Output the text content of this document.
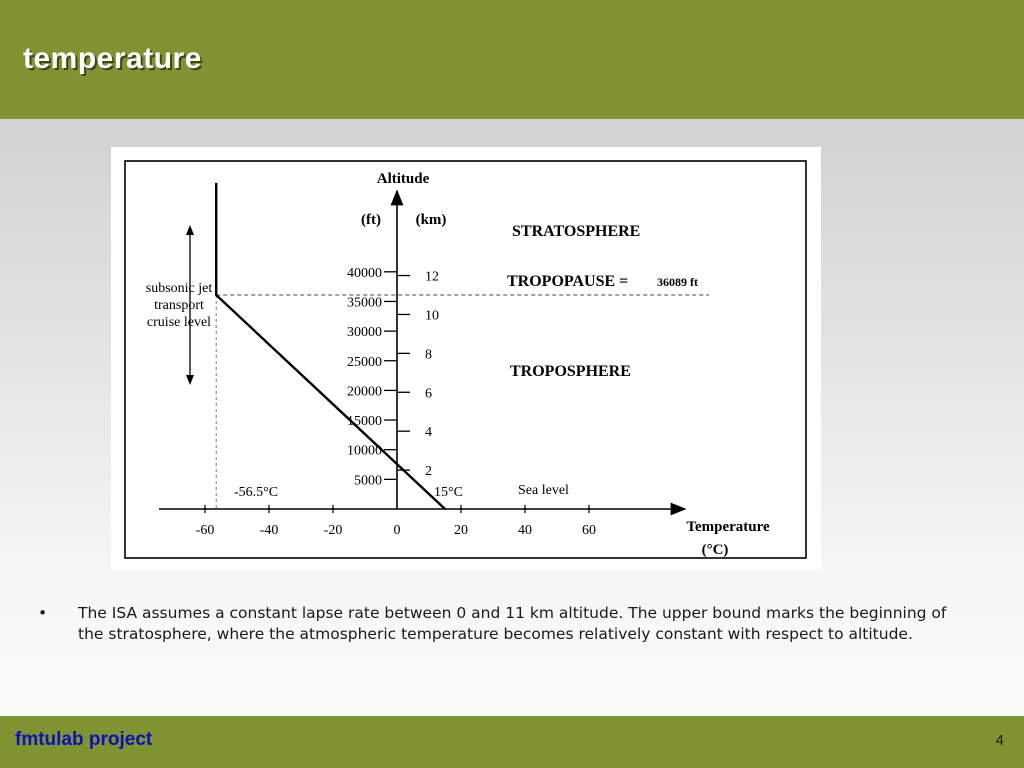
temperature
Altitude
(ft) (km)
STRATOSPHERE
TROPOPAUSE = 36089 ft
TROPOSPHERE
subsonic jet
transport
cruise level
-56.5°C	15°C	Sea level
Temperature
(°C)
-60	-40	-20	0	20	40	60
5000
10000
15000
20000
25000
30000
35000
40000
2
4
6
8
10
12
• The ISA assumes a constant lapse rate between 0 and 11 km altitude. The upper bound marks the beginning of the stratosphere, where the atmospheric temperature becomes relatively constant with respect to altitude.
fmtulab project	4
